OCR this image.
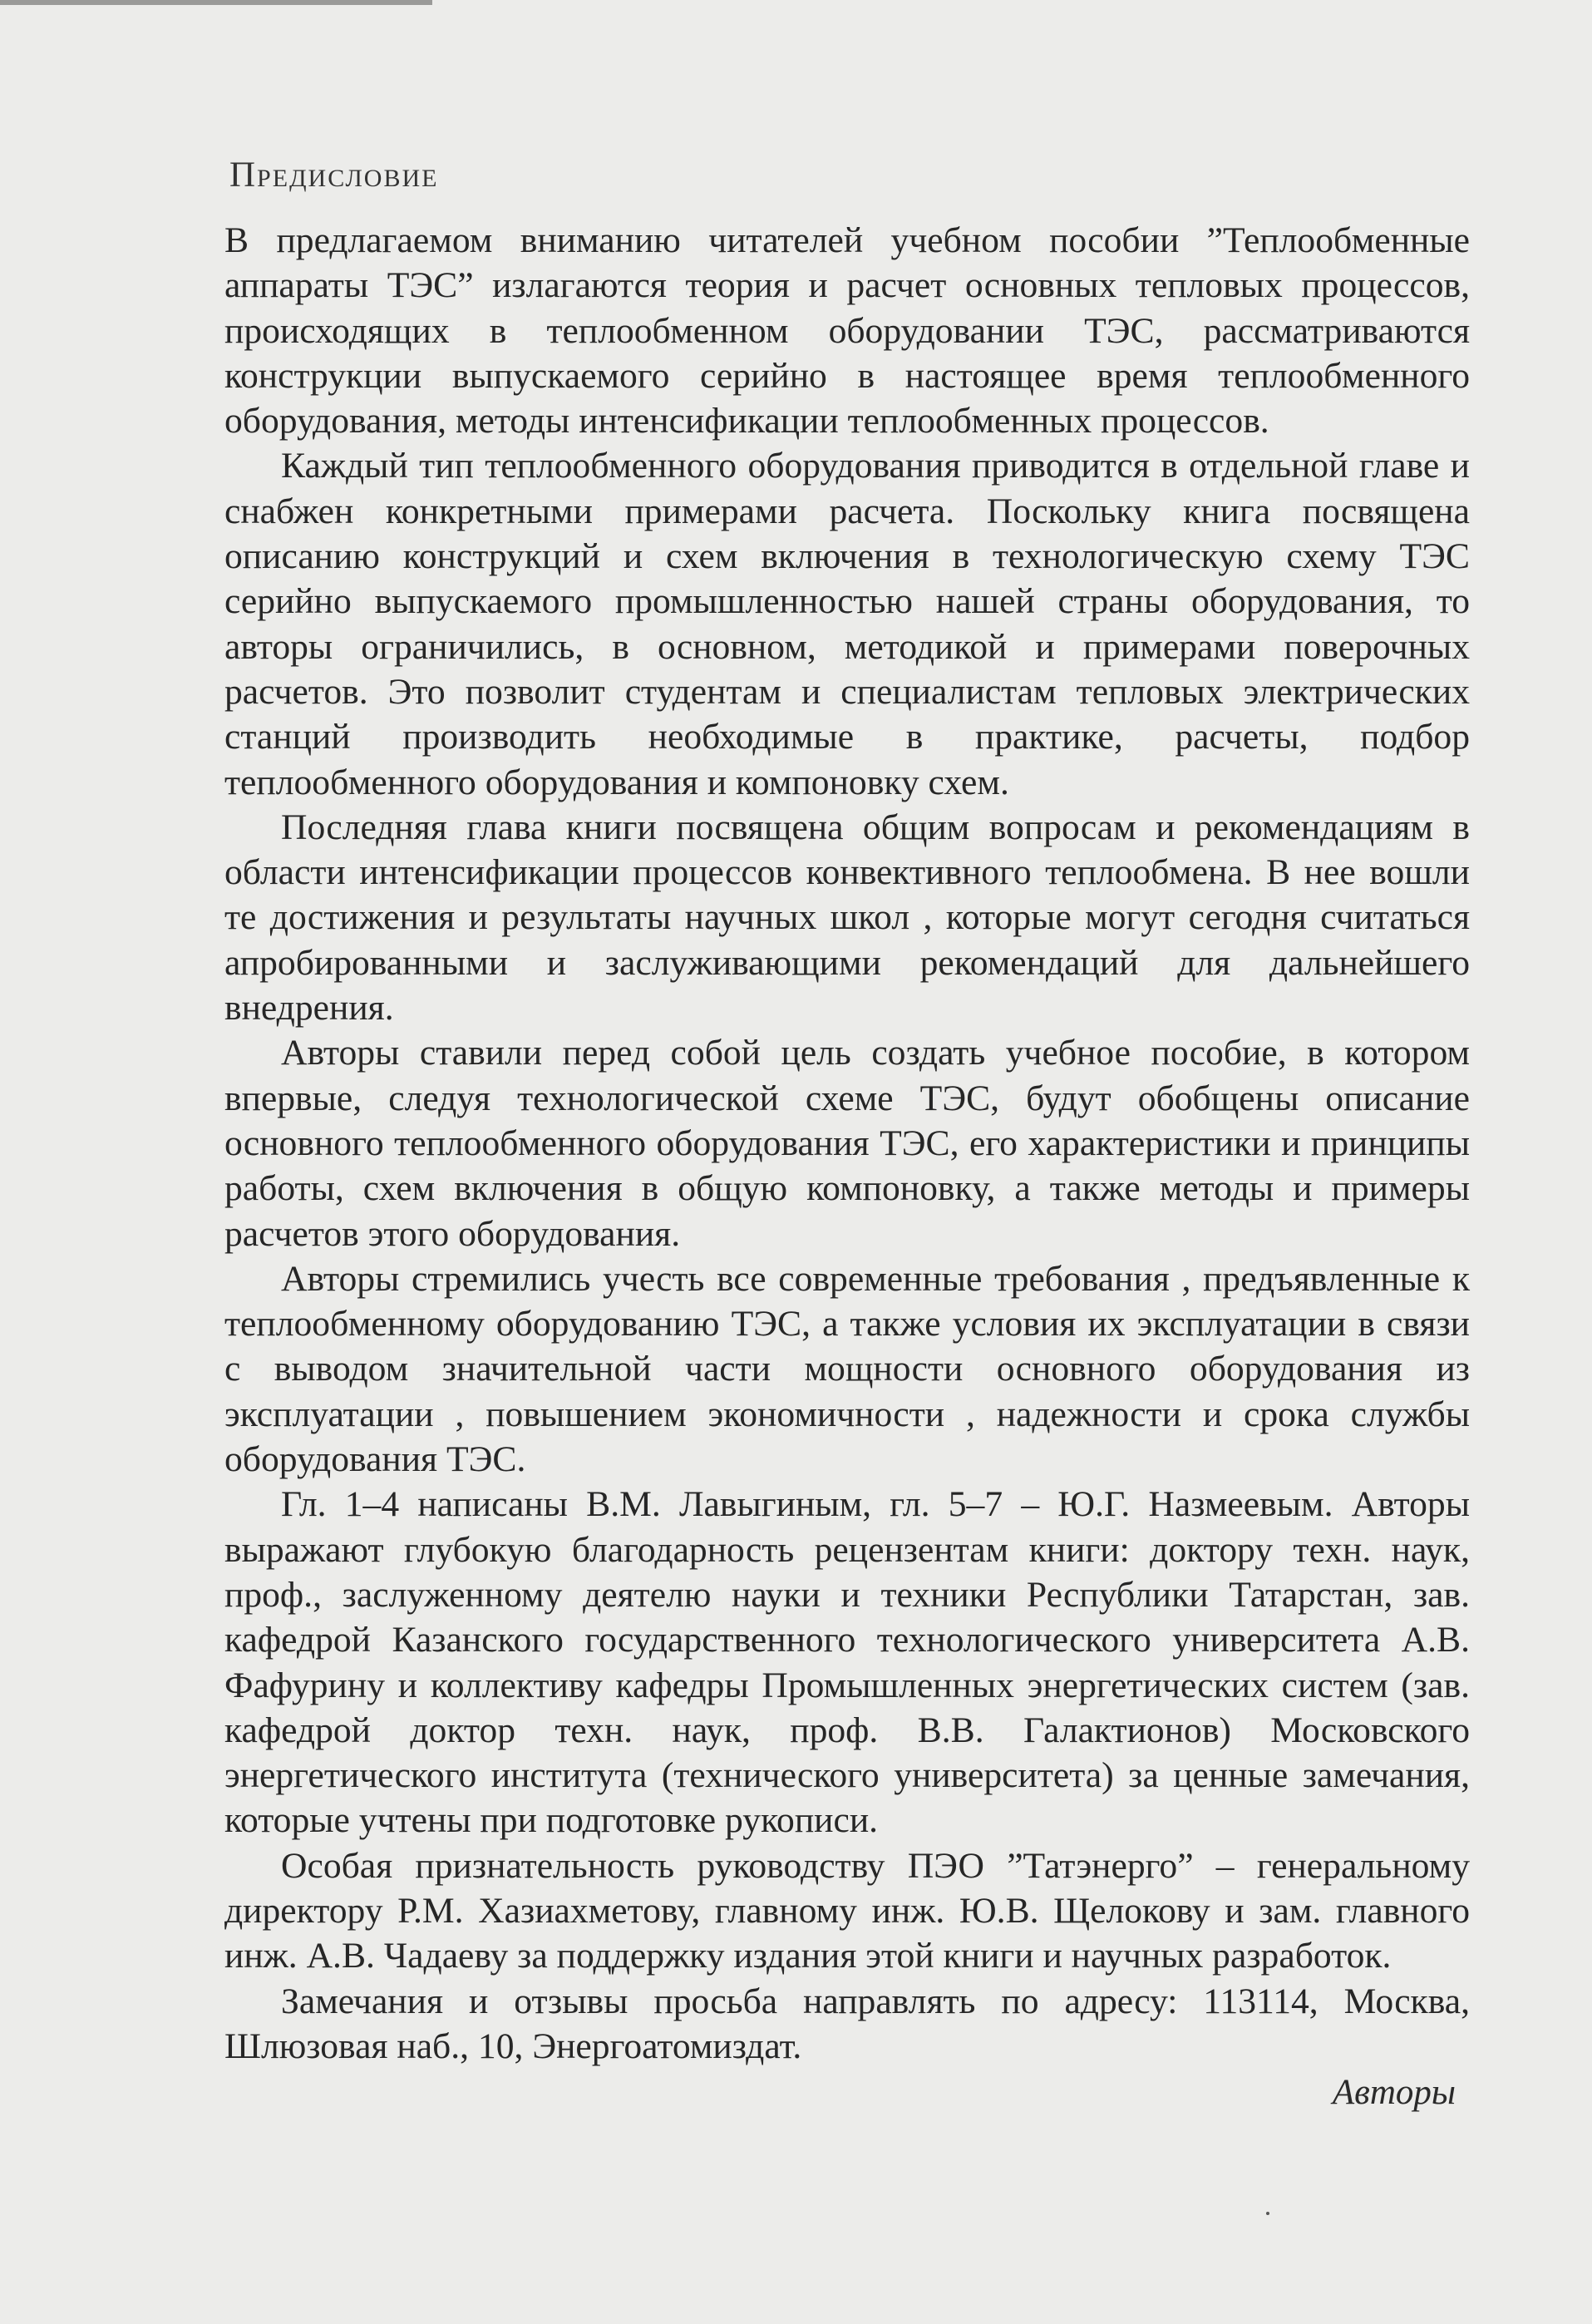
Предисловие

В предлагаемом вниманию читателей учебном пособии ”Теплообменные аппараты ТЭС” излагаются теория и расчет основных тепловых процессов, происходящих в теплообменном оборудовании ТЭС, рассматриваются конструкции выпускаемого серийно в настоящее время теплообменного оборудования, методы интенсификации теплообменных процессов.

Каждый тип теплообменного оборудования приводится в отдельной главе и снабжен конкретными примерами расчета. Поскольку книга посвящена описанию конструкций и схем включения в технологическую схему ТЭС серийно выпускаемого промышленностью нашей страны оборудования, то авторы ограничились, в основном, методикой и примерами поверочных расчетов. Это позволит студентам и специалистам тепловых электрических станций производить необходимые в практике, расчеты, подбор теплообменного оборудования и компоновку схем.

Последняя глава книги посвящена общим вопросам и рекомендациям в области интенсификации процессов конвективного теплообмена. В нее вошли те достижения и результаты научных школ , которые могут сегодня считаться апробированными и заслуживающими рекомендаций для дальнейшего внедрения.

Авторы ставили перед собой цель создать учебное пособие, в котором впервые, следуя технологической схеме ТЭС, будут обобщены описание основного теплообменного оборудования ТЭС, его характеристики и принципы работы, схем включения в общую компоновку, а также методы и примеры расчетов этого оборудования.

Авторы стремились учесть все современные требования , предъявленные к теплообменному оборудованию ТЭС, а также условия их эксплуатации в связи с выводом значительной части мощности основного оборудования из эксплуатации , повышением экономичности , надежности и срока службы оборудования ТЭС.

Гл. 1–4 написаны В.М. Лавыгиным, гл. 5–7 – Ю.Г. Назмеевым. Авторы выражают глубокую благодарность рецензентам книги: доктору техн. наук, проф., заслуженному деятелю науки и техники Республики Татарстан, зав. кафедрой Казанского государственного технологического университета А.В. Фафурину и коллективу кафедры Промышленных энергетических систем (зав. кафедрой доктор техн. наук, проф. В.В. Галактионов) Московского энергетического института (технического университета) за ценные замечания, которые учтены при подготовке рукописи.

Особая признательность руководству ПЭО ”Татэнерго” – генеральному директору Р.М. Хазиахметову, главному инж. Ю.В. Щелокову и зам. главного инж. А.В. Чадаеву за поддержку издания этой книги и научных разработок.

Замечания и отзывы просьба направлять по адресу: 113114, Москва, Шлюзовая наб., 10, Энергоатомиздат.

Авторы
